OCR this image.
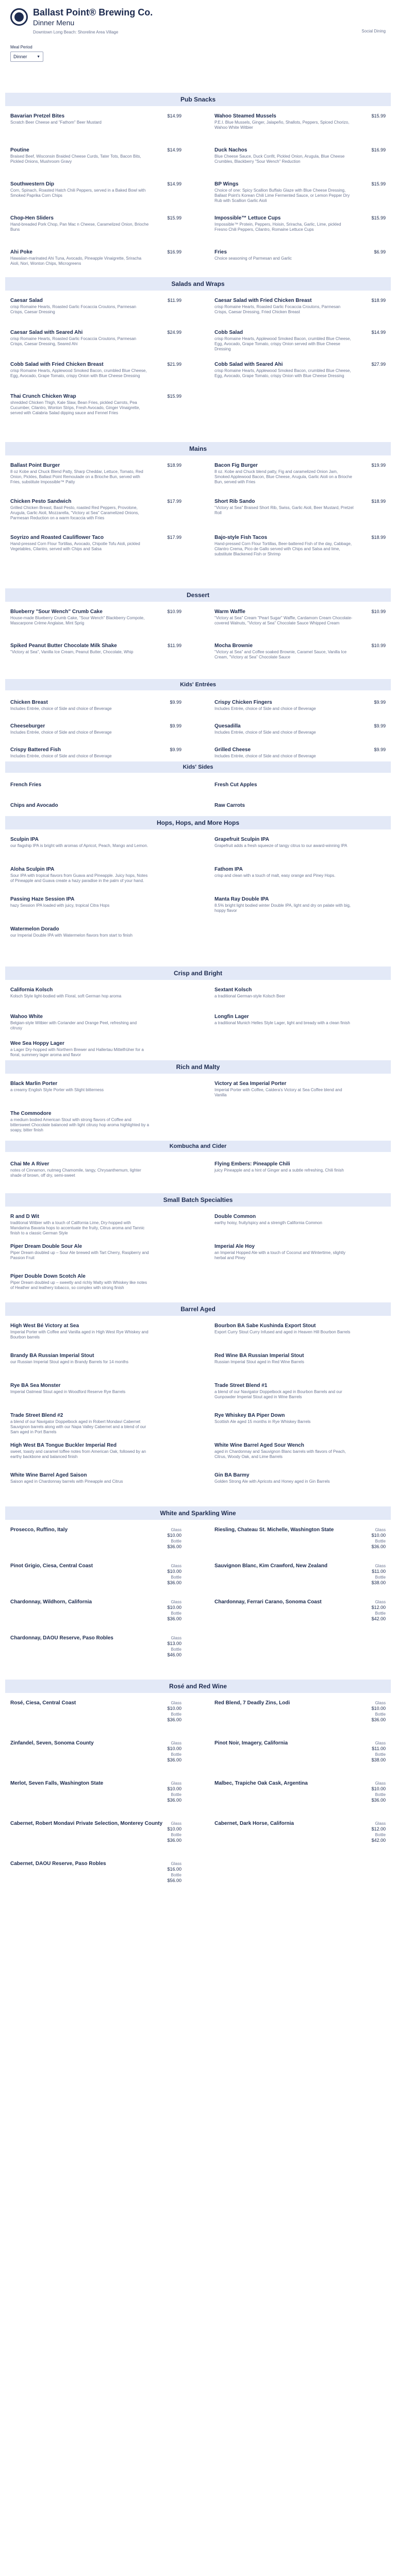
Ballast Point® Brewing Co.
Dinner Menu
Downtown Long Beach: Shoreline Area Village	Social Dining
Meal Period
Dinner	▼
Pub Snacks
Bavarian Pretzel Bites	$14.99
Scratch Beer Cheese and "Fathom" Beer Mustard
Wahoo Steamed Mussels	$15.99
P.E.I. Blue Mussels, Ginger, Jalapeño, Shallots, Peppers, Spiced Chorizo, Wahoo White Witbier
Poutine	$14.99
Braised Beef, Wisconsin Braided Cheese Curds, Tater Tots, Bacon Bits, Pickled Onions, Mushroom Gravy
Duck Nachos	$16.99
Blue Cheese Sauce, Duck Confit, Pickled Onion, Arugula, Blue Cheese Crumbles, Blackberry "Sour Wench" Reduction
Southwestern Dip	$14.99
Corn, Spinach, Roasted Hatch Chili Peppers, served in a Baked Bowl with Smoked Paprika Corn Chips
BP Wings	$15.99
Choice of one: Spicy Scallion Buffalo Glaze with Blue Cheese Dressing, Ballast Point's Korean Chili Lime Fermented Sauce, or Lemon Pepper Dry Rub with Scallion Garlic Aioli
Chop-Hen Sliders	$15.99
Hand-breaded Pork Chop, Pan Mac n Cheese, Caramelized Onion, Brioche Buns
Impossible™ Lettuce Cups	$15.99
Impossible™ Protein, Peppers, Hoisin, Sriracha, Garlic, Lime, pickled Fresno Chili Peppers, Cilantro, Romaine Lettuce Cups
Ahi Poke	$16.99
Hawaiian-marinated Ahi Tuna, Avocado, Pineapple Vinaigrette, Sriracha Aioli, Nori, Wonton Chips, Microgreens
Fries	$6.99
Choice seasoning of Parmesan and Garlic
Salads and Wraps
Caesar Salad	$11.99
crisp Romaine Hearts, Roasted Garlic Focaccia Croutons, Parmesan Crisps, Caesar Dressing
Caesar Salad with Fried Chicken Breast	$18.99
crisp Romaine Hearts, Roasted Garlic Focaccia Croutons, Parmesan Crisps, Caesar Dressing, Fried Chicken Breast
Caesar Salad with Seared Ahi	$24.99
crisp Romaine Hearts, Roasted Garlic Focaccia Croutons, Parmesan Crisps, Caesar Dressing, Seared Ahi
Cobb Salad	$14.99
crisp Romaine Hearts, Applewood Smoked Bacon, crumbled Blue Cheese, Egg, Avocado, Grape Tomato, crispy Onion served with Blue Cheese Dressing
Cobb Salad with Fried Chicken Breast	$21.99
crisp Romaine Hearts, Applewood Smoked Bacon, crumbled Blue Cheese, Egg, Avocado, Grape Tomato, crispy Onion with Blue Cheese Dressing
Cobb Salad with Seared Ahi	$27.99
crisp Romaine Hearts, Applewood Smoked Bacon, crumbled Blue Cheese, Egg, Avocado, Grape Tomato, crispy Onion with Blue Cheese Dressing
Thai Crunch Chicken Wrap	$15.99
shredded Chicken Thigh, Kale Slaw, Bean Fries, pickled Carrots, Pea Cucumber, Cilantro, Wonton Strips, Fresh Avocado, Ginger Vinaigrette, served with Calabria Salad dipping sauce and Fennel Fries
Mains
Ballast Point Burger	$18.99
8 oz Kobe and Chuck Blend Patty, Sharp Cheddar, Lettuce, Tomato, Red Onion, Pickles, Ballast Point Remoulade on a Brioche Bun, served with Fries, substitute Impossible™ Patty
Bacon Fig Burger	$19.99
8 oz. Kobe and Chuck blend patty, Fig and caramelized Onion Jam, Smoked Applewood Bacon, Blue Cheese, Arugula, Garlic Aioli on a Brioche Bun, served with Fries
Chicken Pesto Sandwich	$17.99
Grilled Chicken Breast, Basil Pesto, roasted Red Peppers, Provolone, Arugula, Garlic Aioli, Mozzarella, "Victory at Sea" Caramelized Onions, Parmesan Reduction on a warm focaccia with Fries
Short Rib Sando	$18.99
"Victory at Sea" Braised Short Rib, Swiss, Garlic Aioli, Beer Mustard, Pretzel Roll
Soyrizo and Roasted Cauliflower Taco	$17.99
Hand-pressed Corn Flour Tortillas, Avocado, Chipotle Tofu Aioli, pickled Vegetables, Cilantro, served with Chips and Salsa
Bajo-style Fish Tacos	$18.99
Hand-pressed Corn Flour Tortillas, Beer-battered Fish of the day, Cabbage, Cilantro Crema, Pico de Gallo served with Chips and Salsa and lime, substitute Blackened Fish or Shrimp
Dessert
Blueberry "Sour Wench" Crumb Cake	$10.99
House-made Blueberry Crumb Cake, "Sour Wench" Blackberry Compote, Mascarpone Crème Anglaise, Mint Sprig
Warm Waffle	$10.99
"Victory at Sea" Cream "Pearl Sugar" Waffle, Cardamom Cream Chocolate-covered Walnuts, "Victory at Sea" Chocolate Sauce Whipped Cream
Spiked Peanut Butter Chocolate Milk Shake	$11.99
"Victory at Sea", Vanilla Ice Cream, Peanut Butter, Chocolate, Whip
Mocha Brownie	$10.99
"Victory at Sea" and Coffee soaked Brownie, Caramel Sauce, Vanilla Ice Cream, "Victory at Sea" Chocolate Sauce
Kids' Entrées
Chicken Breast	$9.99
Includes Entrée, choice of Side and choice of Beverage
Crispy Chicken Fingers	$9.99
Includes Entrée, choice of Side and choice of Beverage
Cheeseburger	$9.99
Includes Entrée, choice of Side and choice of Beverage
Quesadilla	$9.99
Includes Entrée, choice of Side and choice of Beverage
Crispy Battered Fish	$9.99
Includes Entrée, choice of Side and choice of Beverage
Grilled Cheese	$9.99
Includes Entrée, choice of Side and choice of Beverage
Kids' Sides
French Fries	Fresh Cut Apples
Chips and Avocado	Raw Carrots
Hops, Hops, and More Hops
Sculpin IPA
our flagship IPA is bright with aromas of Apricot, Peach, Mango and Lemon.
Grapefruit Sculpin IPA
Grapefruit adds a fresh squeeze of tangy citrus to our award-winning IPA
Aloha Sculpin IPA
Sour IPA with tropical flavors from Guava and Pineapple. Juicy hops, Notes of Pineapple and Guava create a hazy paradise in the palm of your hand.
Fathom IPA
crisp and clean with a touch of malt, easy orange and Piney Hops.
Passing Haze Session IPA
hazy Session IPA loaded with juicy, tropical Citra Hops
Manta Ray Double IPA
8.5% bright light bodied winter Double IPA, light and dry on palate with big, hoppy flavor
Watermelon Dorado
our Imperial Double IPA with Watermelon flavors from start to finish
Crisp and Bright
California Kolsch
Kolsch Style light-bodied with Floral, soft German hop aroma
Sextant Kolsch
a traditional German-style Kolsch Beer
Wahoo White
Belgian-style Witbier with Coriander and Orange Peel, refreshing and citrusy
Longfin Lager
a traditional Munich Helles Style Lager, light and bready with a clean finish
Wee Sea Hoppy Lager
a Lager Dry-hopped with Northern Brewer and Hallertau Mittelfrüher for a floral, summery lager aroma and flavor
Rich and Malty
Black Marlin Porter
a creamy English Style Porter with Slight bitterness
Victory at Sea Imperial Porter
Imperial Porter with Coffee, Caldera's Victory at Sea Coffee blend and Vanilla
The Commodore
a medium bodied American Stout with strong flavors of Coffee and bittersweet Chocolate balanced with light citrusy hop aroma highlighted by a soapy, bitter finish
Kombucha and Cider
Chai Me A River
notes of Cinnamon, nutmeg Chamomile, tangy, Chrysanthemum, lighter shade of brown, off dry, semi-sweet
Flying Embers: Pineapple Chili
juicy Pineapple and a hint of Ginger and a subtle refreshing, Chili finish
Small Batch Specialties
R and D Wit
traditional Witbier with a touch of California Lime, Dry-hopped with Mandarina Bavaria hops to accentuate the fruity, Citrus aroma and Tannic finish to a classic German Style
Double Common
earthy hoisy, fruity/spicy and a strength California Common
Piper Dream Double Sour Ale
Piper Dream doubled up – Sour Ale brewed with Tart Cherry, Raspberry and Passion Fruit
Imperial Ale Hoy
an Imperial Hopped Ale with a touch of Coconut and Wintertime, slightly herbal and Piney
Piper Double Down Scotch Ale
Piper Dream doubled up – sweetly and richly Malty with Whiskey like notes of Heather and leathery tobacco, so complex with strong finish
Barrel Aged
High West Bé Victory at Sea
Imperial Porter with Coffee and Vanilla aged in High West Rye Whiskey and Bourbon barrels
Bourbon BA Sabe Kushinda Export Stout
Export Curry Stout Curry Infused and aged in Heaven Hill Bourbon Barrels
Brandy BA Russian Imperial Stout
our Russian Imperial Stout aged in Brandy Barrels for 14 months
Red Wine BA Russian Imperial Stout
Russian Imperial Stout aged in Red Wine Barrels
Rye BA Sea Monster
Imperial Oatmeal Stout aged in Woodford Reserve Rye Barrels
Trade Street Blend #1
a blend of our Navigator Doppelbock aged in Bourbon Barrels and our Gunpowder Imperial Stout aged in Wine Barrels
Trade Street Blend #2
a blend of our Navigator Doppelbock aged in Robert Mondavi Cabernet Sauvignon barrels along with our Napa Valley Cabernet and a blend of our Sam aged in Port Barrels
Rye Whiskey BA Piper Down
Scottish Ale aged 15 months in Rye Whiskey Barrels
High West BA Tongue Buckler Imperial Red
sweet, toasty and caramel toffee notes from American Oak, followed by an earthy backbone and balanced finish
White Wine Barrel Aged Sour Wench
aged in Chardonnay and Sauvignon Blanc barrels with flavors of Peach, Citrus, Woody Oak, and Lime Barrels
White Wine Barrel Aged Saison
Saison aged in Chardonnay barrels with Pineapple and Citrus
Gin BA Barmy
Golden Strong Ale with Apricots and Honey aged in Gin Barrels
White and Sparkling Wine
Prosecco, Ruffino, Italy	Glass
$10.00

Bottle
$36.00
Riesling, Chateau St. Michelle, Washington State	Glass
$10.00

Bottle
$36.00
Pinot Grigio, Ciesa, Central Coast	Glass
$10.00

Bottle
$36.00
Sauvignon Blanc, Kim Crawford, New Zealand	Glass
$11.00

Bottle
$38.00
Chardonnay, Wildhorn, California	Glass
$10.00

Bottle
$36.00
Chardonnay, Ferrari Carano, Sonoma Coast	Glass
$12.00

Bottle
$42.00
Chardonnay, DAOU Reserve, Paso Robles	Glass
$13.00

Bottle
$46.00
Rosé and Red Wine
Rosé, Ciesa, Central Coast	Glass
$10.00

Bottle
$36.00
Red Blend, 7 Deadly Zins, Lodi	Glass
$10.00

Bottle
$36.00
Zinfandel, Seven, Sonoma County	Glass
$10.00

Bottle
$36.00
Pinot Noir, Imagery, California	Glass
$11.00

Bottle
$38.00
Merlot, Seven Falls, Washington State	Glass
$10.00

Bottle
$36.00
Malbec, Trapiche Oak Cask, Argentina	Glass
$10.00

Bottle
$36.00
Cabernet, Robert Mondavi Private Selection, Monterey County	Glass
$10.00

Bottle
$36.00
Cabernet, Dark Horse, California	Glass
$12.00

Bottle
$42.00
Cabernet, DAOU Reserve, Paso Robles	Glass
$16.00

Bottle
$56.00
